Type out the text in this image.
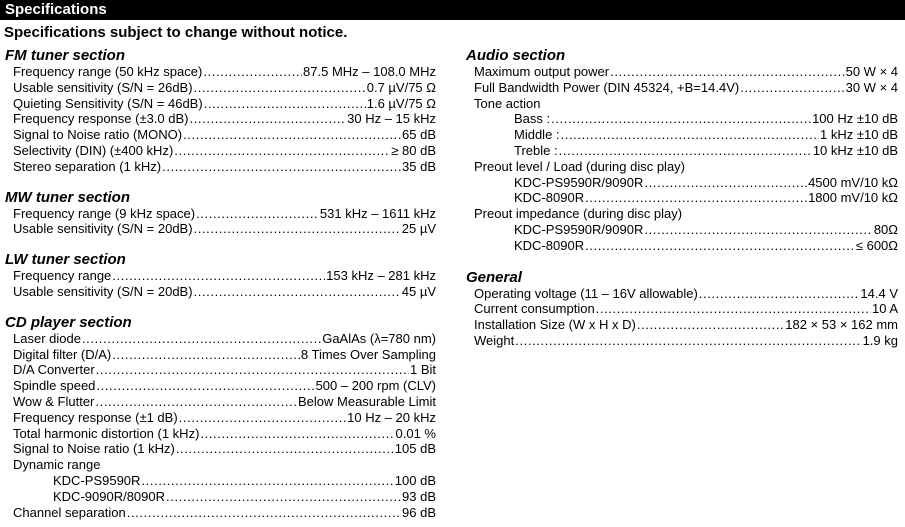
Specifications
Specifications subject to change without notice.
FM tuner section
Frequency range (50 kHz space) .....	87.5 MHz – 108.0 MHz
Usable sensitivity (S/N = 26dB) .....	0.7 µV/75 Ω
Quieting Sensitivity (S/N = 46dB) .....	1.6 µV/75 Ω
Frequency response (±3.0 dB) .....	30 Hz – 15 kHz
Signal to Noise ratio (MONO) .....	65 dB
Selectivity (DIN) (±400 kHz) .....	≥ 80 dB
Stereo separation (1 kHz) .....	35 dB
MW tuner section
Frequency range (9 kHz space) .....	531 kHz – 1611 kHz
Usable sensitivity (S/N = 20dB) .....	25 µV
LW tuner section
Frequency range .....	153 kHz – 281 kHz
Usable sensitivity (S/N = 20dB) .....	45 µV
CD player section
Laser diode .....	GaAlAs (λ=780 nm)
Digital filter (D/A) .....	8 Times Over Sampling
D/A Converter .....	1 Bit
Spindle speed .....	500 – 200 rpm (CLV)
Wow & Flutter .....	Below Measurable Limit
Frequency response (±1 dB) .....	10 Hz – 20 kHz
Total harmonic distortion (1 kHz) .....	0.01 %
Signal to Noise ratio (1 kHz) .....	105 dB
Dynamic range
KDC-PS9590R .....	100 dB
KDC-9090R/8090R .....	93 dB
Channel separation .....	96 dB
Audio section
Maximum output power .....	50 W × 4
Full Bandwidth Power (DIN 45324, +B=14.4V) .....	30 W × 4
Tone action
Bass : .....	100 Hz ±10 dB
Middle : .....	1 kHz ±10 dB
Treble : .....	10 kHz ±10 dB
Preout level / Load (during disc play)
KDC-PS9590R/9090R .....	4500 mV/10 kΩ
KDC-8090R .....	1800 mV/10 kΩ
Preout impedance (during disc play)
KDC-PS9590R/9090R .....	80Ω
KDC-8090R .....	≤ 600Ω
General
Operating voltage (11 – 16V allowable) .....	14.4 V
Current consumption .....	10 A
Installation Size (W x H x D) .....	182 × 53 × 162 mm
Weight .....	1.9 kg
